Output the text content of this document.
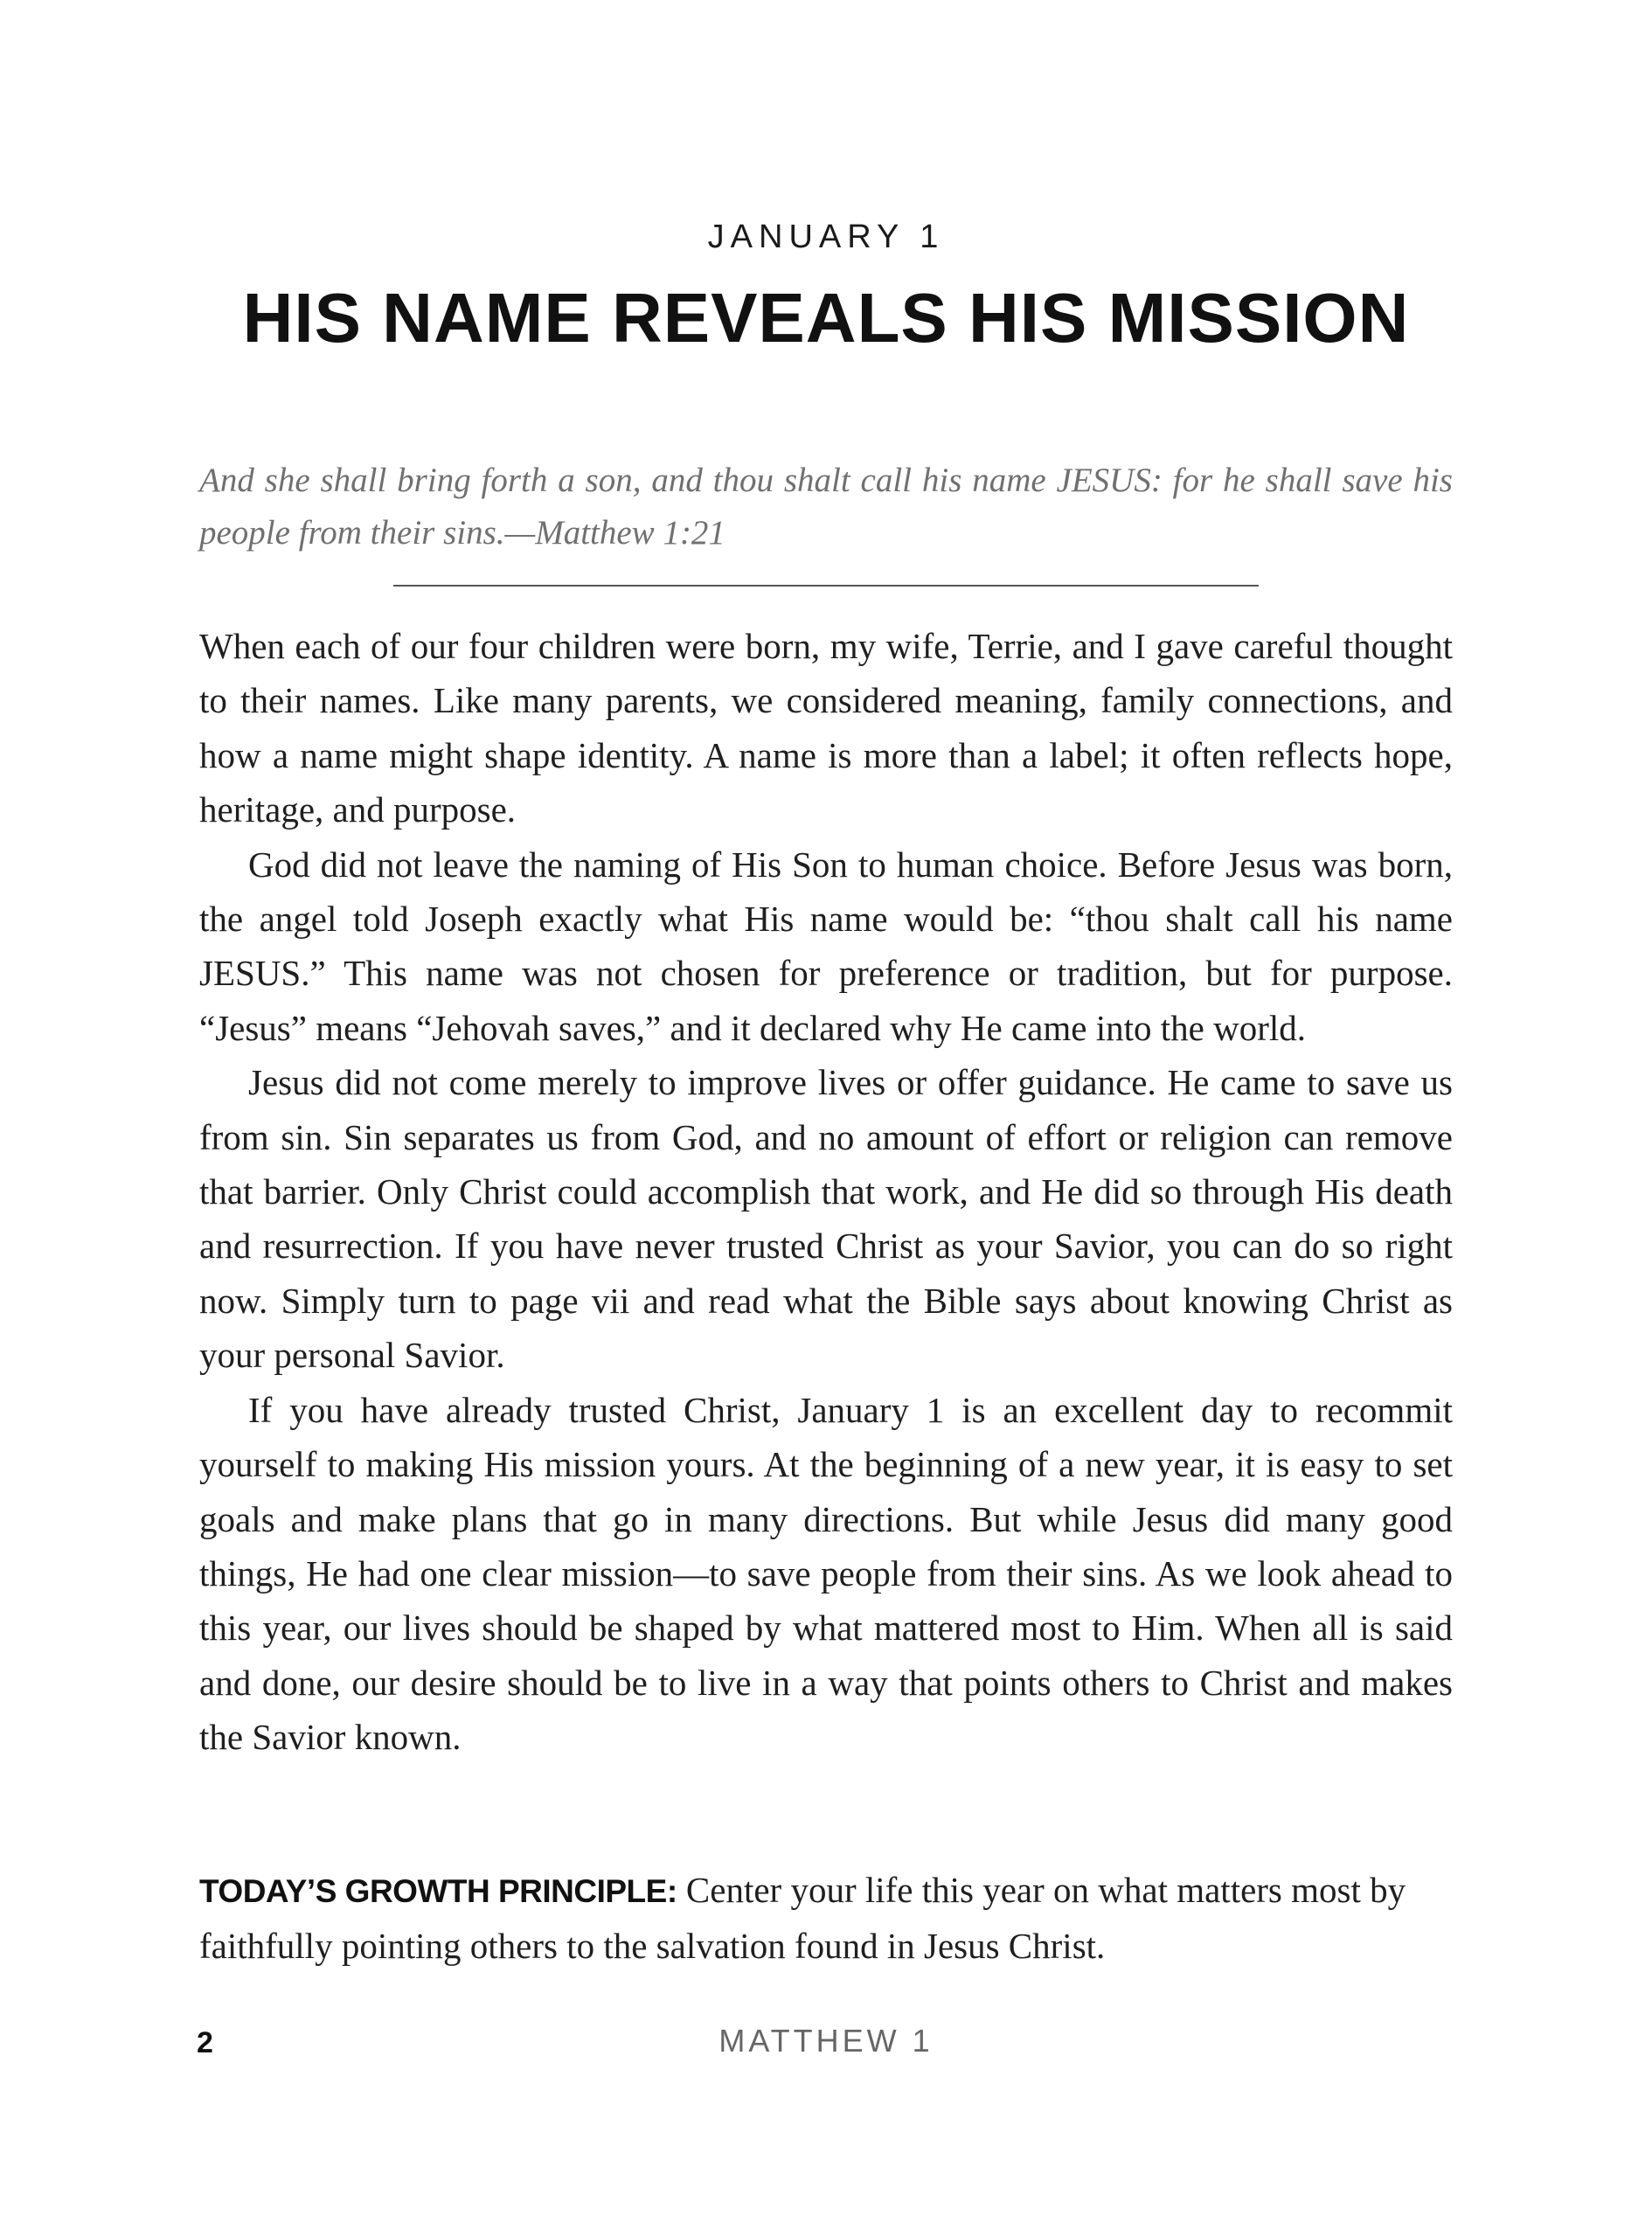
JANUARY 1
HIS NAME REVEALS HIS MISSION
And she shall bring forth a son, and thou shalt call his name JESUS: for he shall save his people from their sins.—Matthew 1:21

When each of our four children were born, my wife, Terrie, and I gave careful thought to their names. Like many parents, we considered meaning, family connections, and how a name might shape identity. A name is more than a label; it often reflects hope, heritage, and purpose.

God did not leave the naming of His Son to human choice. Before Jesus was born, the angel told Joseph exactly what His name would be: “thou shalt call his name JESUS.” This name was not chosen for preference or tradition, but for purpose. “Jesus” means “Jehovah saves,” and it declared why He came into the world.

Jesus did not come merely to improve lives or offer guidance. He came to save us from sin. Sin separates us from God, and no amount of effort or religion can remove that barrier. Only Christ could accomplish that work, and He did so through His death and resurrection. If you have never trusted Christ as your Savior, you can do so right now. Simply turn to page vii and read what the Bible says about knowing Christ as your personal Savior.

If you have already trusted Christ, January 1 is an excellent day to recommit yourself to making His mission yours. At the beginning of a new year, it is easy to set goals and make plans that go in many directions. But while Jesus did many good things, He had one clear mission—to save people from their sins. As we look ahead to this year, our lives should be shaped by what mattered most to Him. When all is said and done, our desire should be to live in a way that points others to Christ and makes the Savior known.

TODAY’S GROWTH PRINCIPLE: Center your life this year on what matters most by faithfully pointing others to the salvation found in Jesus Christ.
2	MATTHEW 1
